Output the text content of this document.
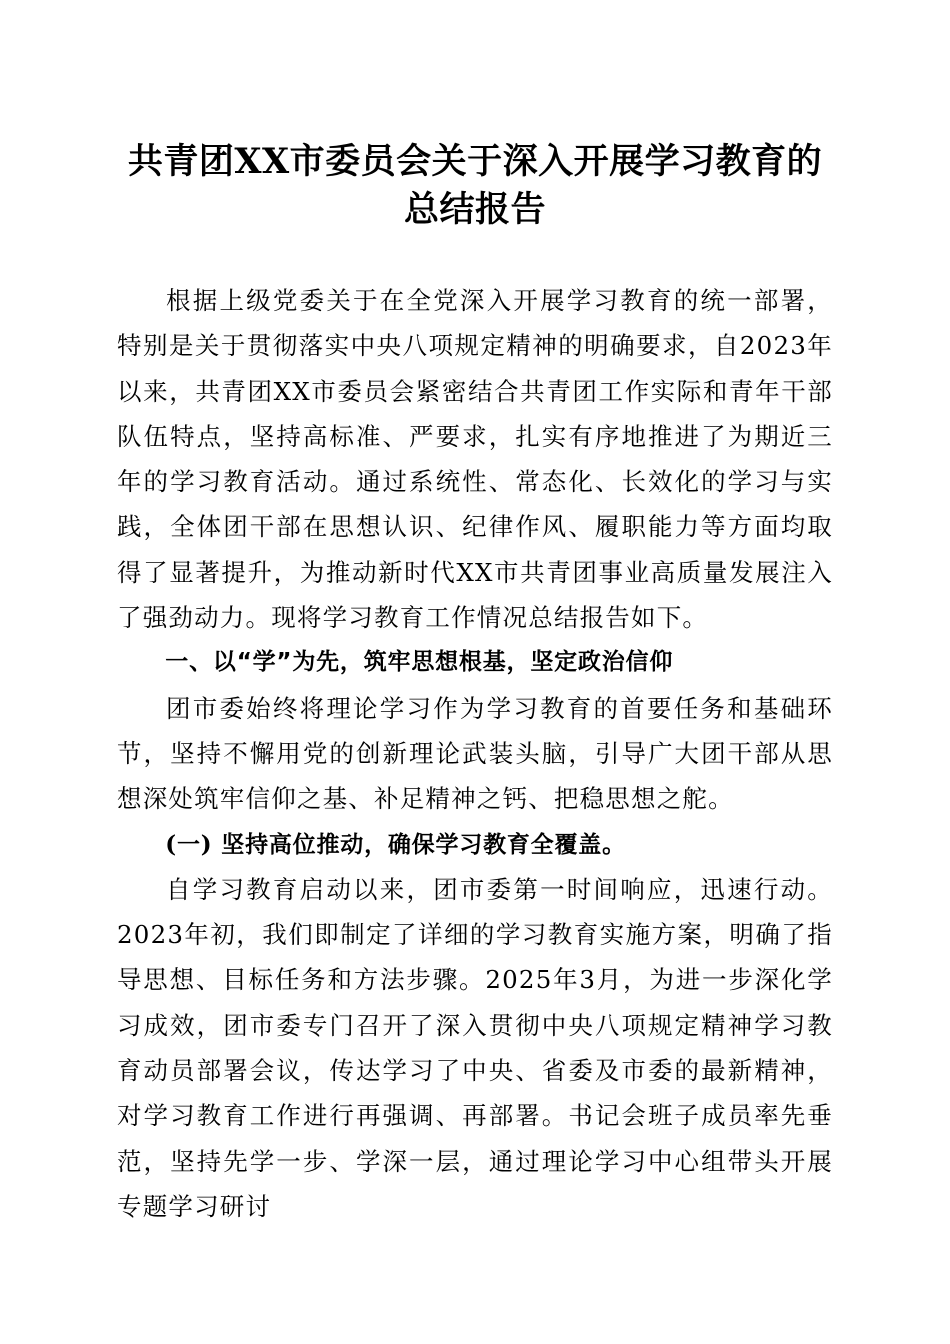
共青团XX市委员会关于深入开展学习教育的
总结报告

根据上级党委关于在全党深入开展学习教育的统一部署，特别是关于贯彻落实中央八项规定精神的明确要求，自2023年以来，共青团XX市委员会紧密结合共青团工作实际和青年干部队伍特点，坚持高标准、严要求，扎实有序地推进了为期近三年的学习教育活动。通过系统性、常态化、长效化的学习与实践，全体团干部在思想认识、纪律作风、履职能力等方面均取得了显著提升，为推动新时代XX市共青团事业高质量发展注入了强劲动力。现将学习教育工作情况总结报告如下。

一、以“学”为先，筑牢思想根基，坚定政治信仰

团市委始终将理论学习作为学习教育的首要任务和基础环节，坚持不懈用党的创新理论武装头脑，引导广大团干部从思想深处筑牢信仰之基、补足精神之钙、把稳思想之舵。

(一) 坚持高位推动，确保学习教育全覆盖。

自学习教育启动以来，团市委第一时间响应，迅速行动。2023年初，我们即制定了详细的学习教育实施方案，明确了指导思想、目标任务和方法步骤。2025年3月，为进一步深化学习成效，团市委专门召开了深入贯彻中央八项规定精神学习教育动员部署会议，传达学习了中央、省委及市委的最新精神，对学习教育工作进行再强调、再部署。书记会班子成员率先垂范，坚持先学一步、学深一层，通过理论学习中心组带头开展专题学习研讨
